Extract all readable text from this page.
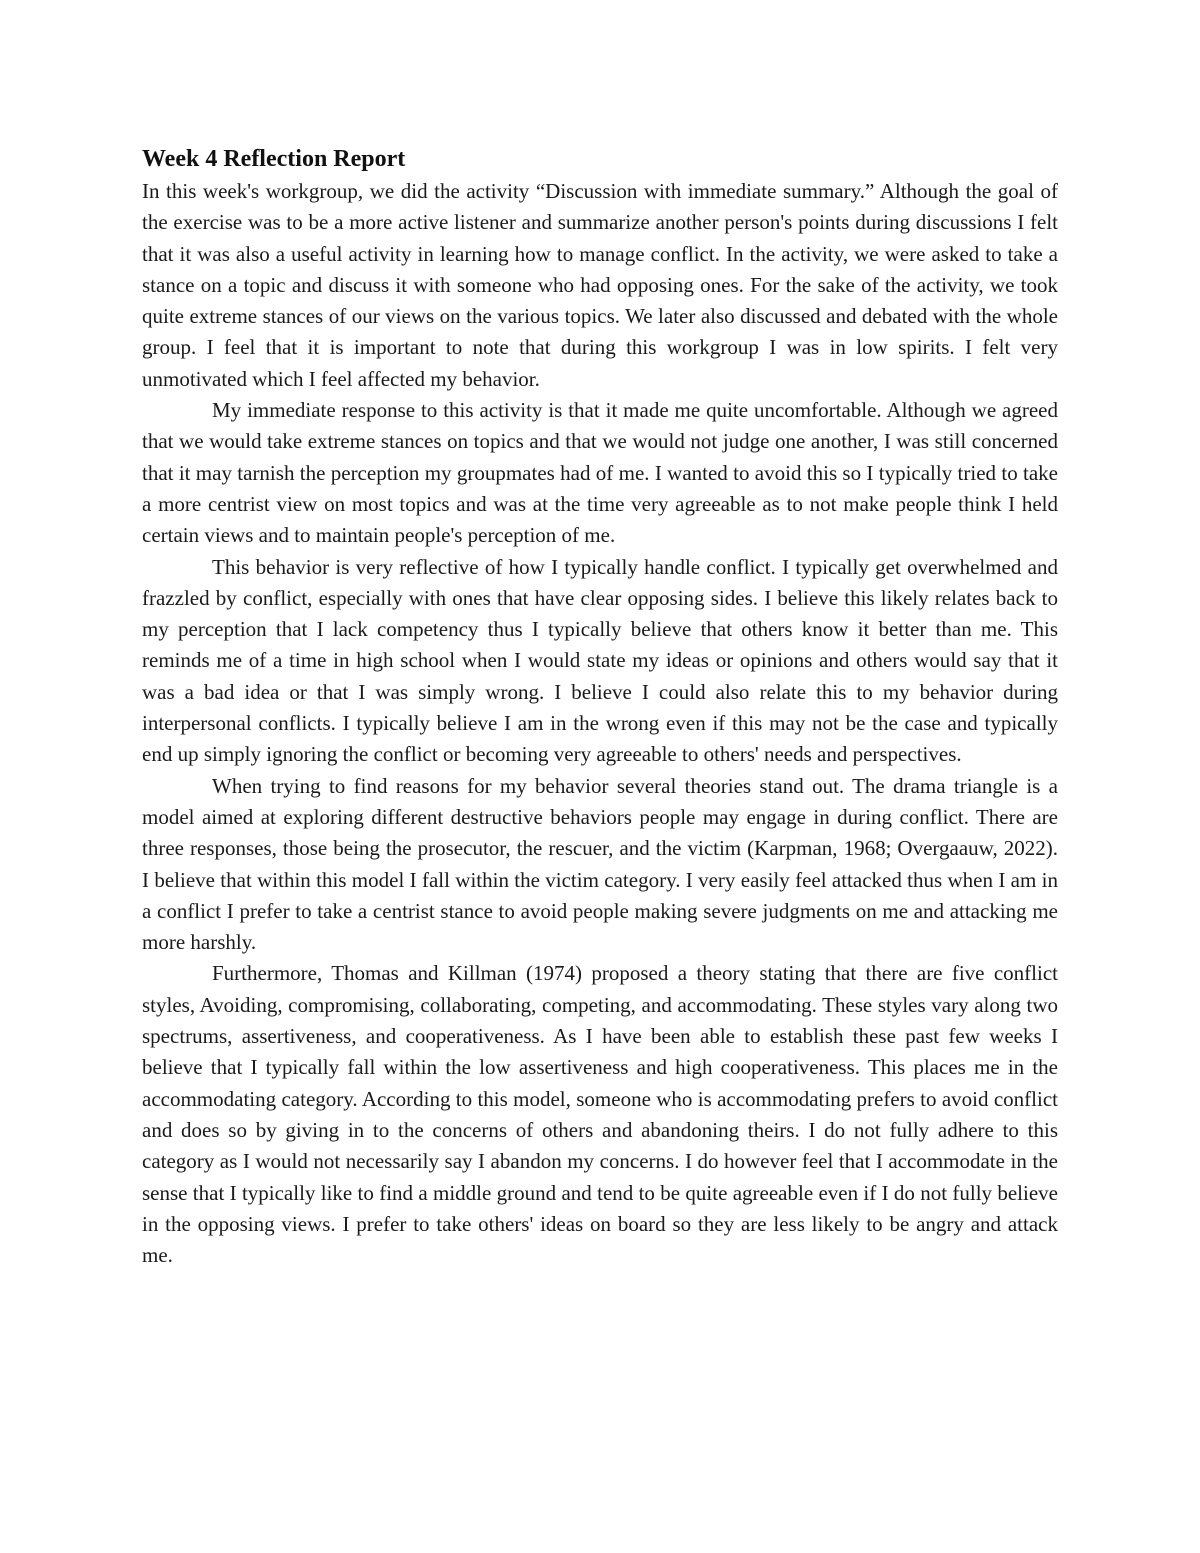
Week 4 Reflection Report

In this week's workgroup, we did the activity “Discussion with immediate summary.” Although the goal of the exercise was to be a more active listener and summarize another person's points during discussions I felt that it was also a useful activity in learning how to manage conflict. In the activity, we were asked to take a stance on a topic and discuss it with someone who had opposing ones. For the sake of the activity, we took quite extreme stances of our views on the various topics. We later also discussed and debated with the whole group. I feel that it is important to note that during this workgroup I was in low spirits. I felt very unmotivated which I feel affected my behavior.

My immediate response to this activity is that it made me quite uncomfortable. Although we agreed that we would take extreme stances on topics and that we would not judge one another, I was still concerned that it may tarnish the perception my groupmates had of me. I wanted to avoid this so I typically tried to take a more centrist view on most topics and was at the time very agreeable as to not make people think I held certain views and to maintain people's perception of me.

This behavior is very reflective of how I typically handle conflict. I typically get overwhelmed and frazzled by conflict, especially with ones that have clear opposing sides. I believe this likely relates back to my perception that I lack competency thus I typically believe that others know it better than me. This reminds me of a time in high school when I would state my ideas or opinions and others would say that it was a bad idea or that I was simply wrong. I believe I could also relate this to my behavior during interpersonal conflicts. I typically believe I am in the wrong even if this may not be the case and typically end up simply ignoring the conflict or becoming very agreeable to others' needs and perspectives.

When trying to find reasons for my behavior several theories stand out. The drama triangle is a model aimed at exploring different destructive behaviors people may engage in during conflict. There are three responses, those being the prosecutor, the rescuer, and the victim (Karpman, 1968; Overgaauw, 2022). I believe that within this model I fall within the victim category. I very easily feel attacked thus when I am in a conflict I prefer to take a centrist stance to avoid people making severe judgments on me and attacking me more harshly.

Furthermore, Thomas and Killman (1974) proposed a theory stating that there are five conflict styles, Avoiding, compromising, collaborating, competing, and accommodating. These styles vary along two spectrums, assertiveness, and cooperativeness. As I have been able to establish these past few weeks I believe that I typically fall within the low assertiveness and high cooperativeness. This places me in the accommodating category. According to this model, someone who is accommodating prefers to avoid conflict and does so by giving in to the concerns of others and abandoning theirs. I do not fully adhere to this category as I would not necessarily say I abandon my concerns. I do however feel that I accommodate in the sense that I typically like to find a middle ground and tend to be quite agreeable even if I do not fully believe in the opposing views. I prefer to take others' ideas on board so they are less likely to be angry and attack me.
